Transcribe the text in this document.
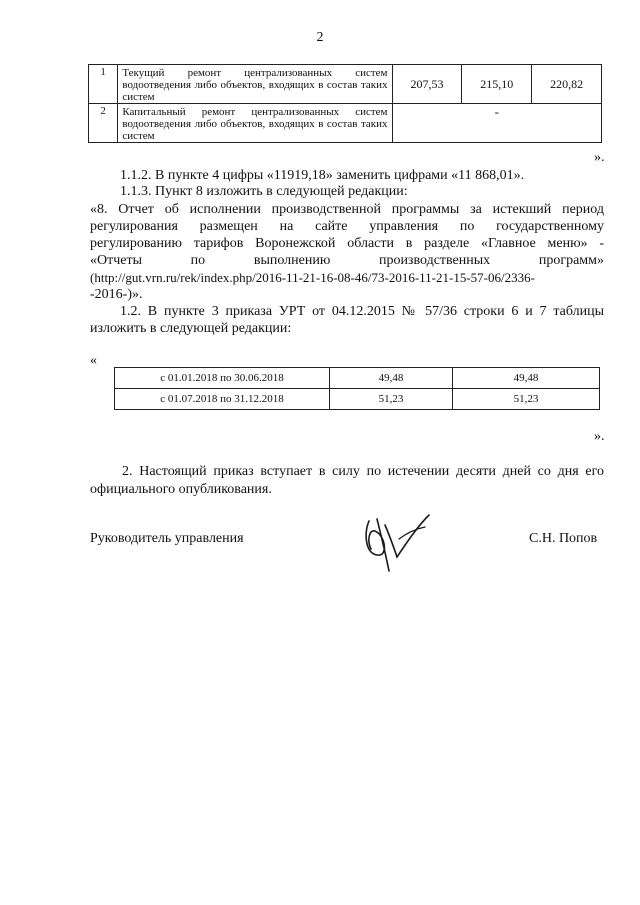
2
1	Текущий ремонт централизованных систем водоотведения либо объектов, входящих в состав таких систем	207,53	215,10	220,82
2	Капитальный ремонт централизованных систем водоотведения либо объектов, входящих в состав таких систем	-		
».
1.1.2. В пункте 4 цифры «11919,18» заменить цифрами «11 868,01».
1.1.3. Пункт 8 изложить в следующей редакции:
«8. Отчет об исполнении производственной программы за истекший период
регулирования размещен на сайте управления по государственному
регулированию тарифов Воронежской области в разделе «Главное меню» -
«Отчеты по выполнению производственных программ»
(http://gut.vrn.ru/rek/index.php/2016-11-21-16-08-46/73-2016-11-21-15-57-06/2336-
-2016-)».
1.2. В пункте 3 приказа УРТ от 04.12.2015 № 57/36 строки 6 и 7 таблицы
изложить в следующей редакции:
«
с 01.01.2018 по 30.06.2018	49,48	49,48
с 01.07.2018 по 31.12.2018	51,23	51,23
».
2. Настоящий приказ вступает в силу по истечении десяти дней со дня его
официального опубликования.
Руководитель управления	С.Н. Попов
